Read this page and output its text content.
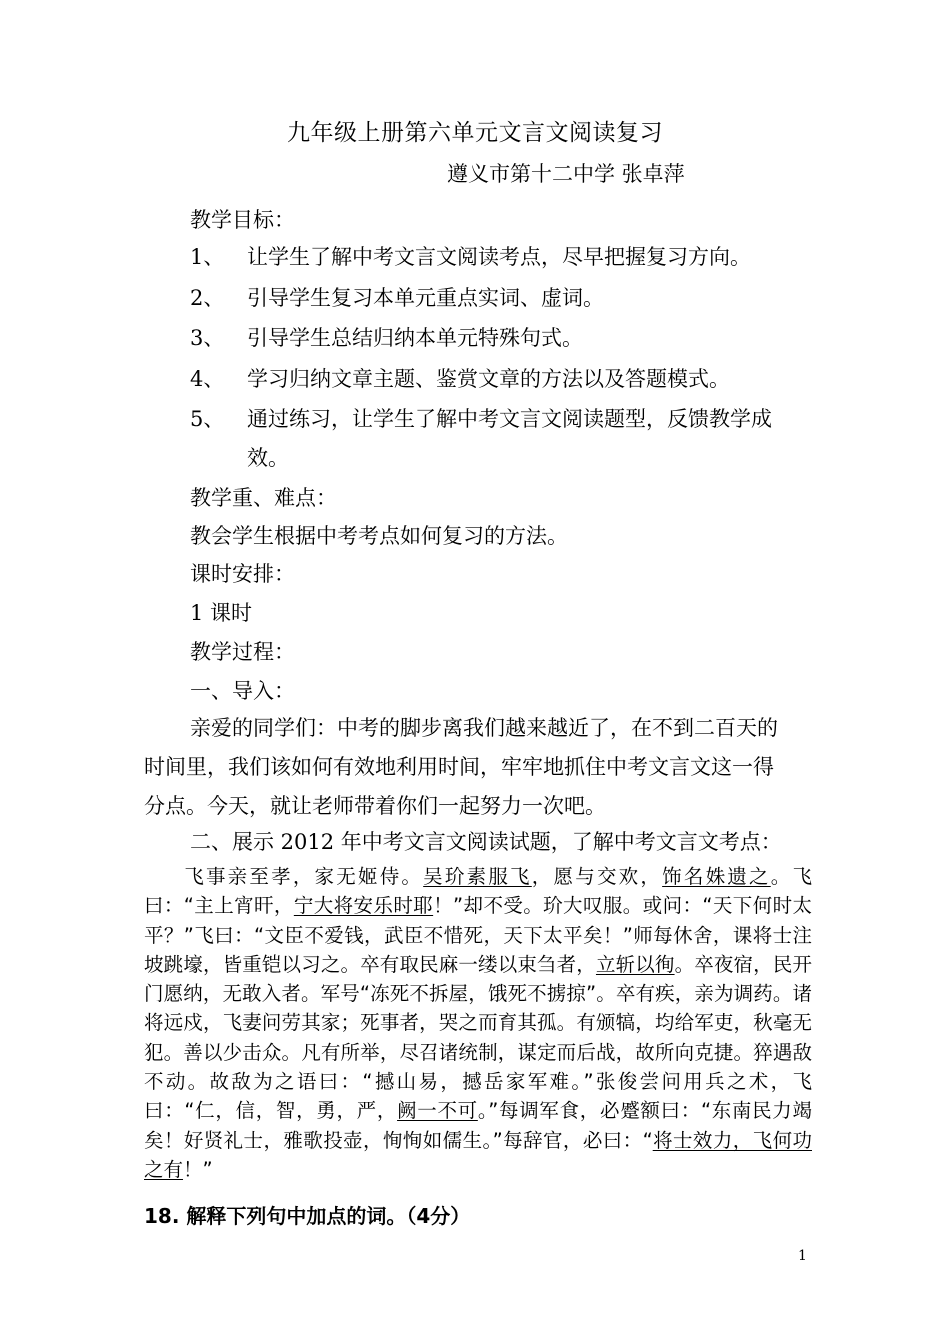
九年级上册第六单元文言文阅读复习
遵义市第十二中学 张卓萍
教学目标：
1、 让学生了解中考文言文阅读考点，尽早把握复习方向。
2、 引导学生复习本单元重点实词、虚词。
3、 引导学生总结归纳本单元特殊句式。
4、 学习归纳文章主题、鉴赏文章的方法以及答题模式。
5、 通过练习，让学生了解中考文言文阅读题型，反馈教学成
效。
教学重、难点：
教会学生根据中考考点如何复习的方法。
课时安排：
1 课时
教学过程：
一、导入：
亲爱的同学们：中考的脚步离我们越来越近了，在不到二百天的
时间里，我们该如何有效地利用时间，牢牢地抓住中考文言文这一得
分点。今天，就让老师带着你们一起努力一次吧。
二、展示 2012 年中考文言文阅读试题，了解中考文言文考点：
飞事亲至孝，家无姬侍。吴玠素服飞，愿与交欢，饰名姝遗之。飞曰：“主上宵旰，宁大将安乐时耶！”却不受。玠大叹服。或问：“天下何时太平？”飞曰：“文臣不爱钱，武臣不惜死，天下太平矣！”师每休舍，课将士注坡跳壕，皆重铠以习之。卒有取民麻一缕以束刍者，立斩以徇。卒夜宿，民开门愿纳，无敢入者。军号“冻死不拆屋，饿死不掳掠”。卒有疾，亲为调药。诸将远戍，飞妻问劳其家；死事者，哭之而育其孤。有颁犒，均给军吏，秋毫无犯。善以少击众。凡有所举，尽召诸统制，谋定而后战，故所向克捷。猝遇敌不动。故敌为之语曰：“撼山易，撼岳家军难。”张俊尝问用兵之术，飞曰：“仁，信，智，勇，严，阙一不可。”每调军食，必蹙额曰：“东南民力竭矣！好贤礼士，雅歌投壶，恂恂如儒生。”每辞官，必曰：“将士效力，飞何功之有！”
18. 解释下列句中加点的词。（4分）
1
